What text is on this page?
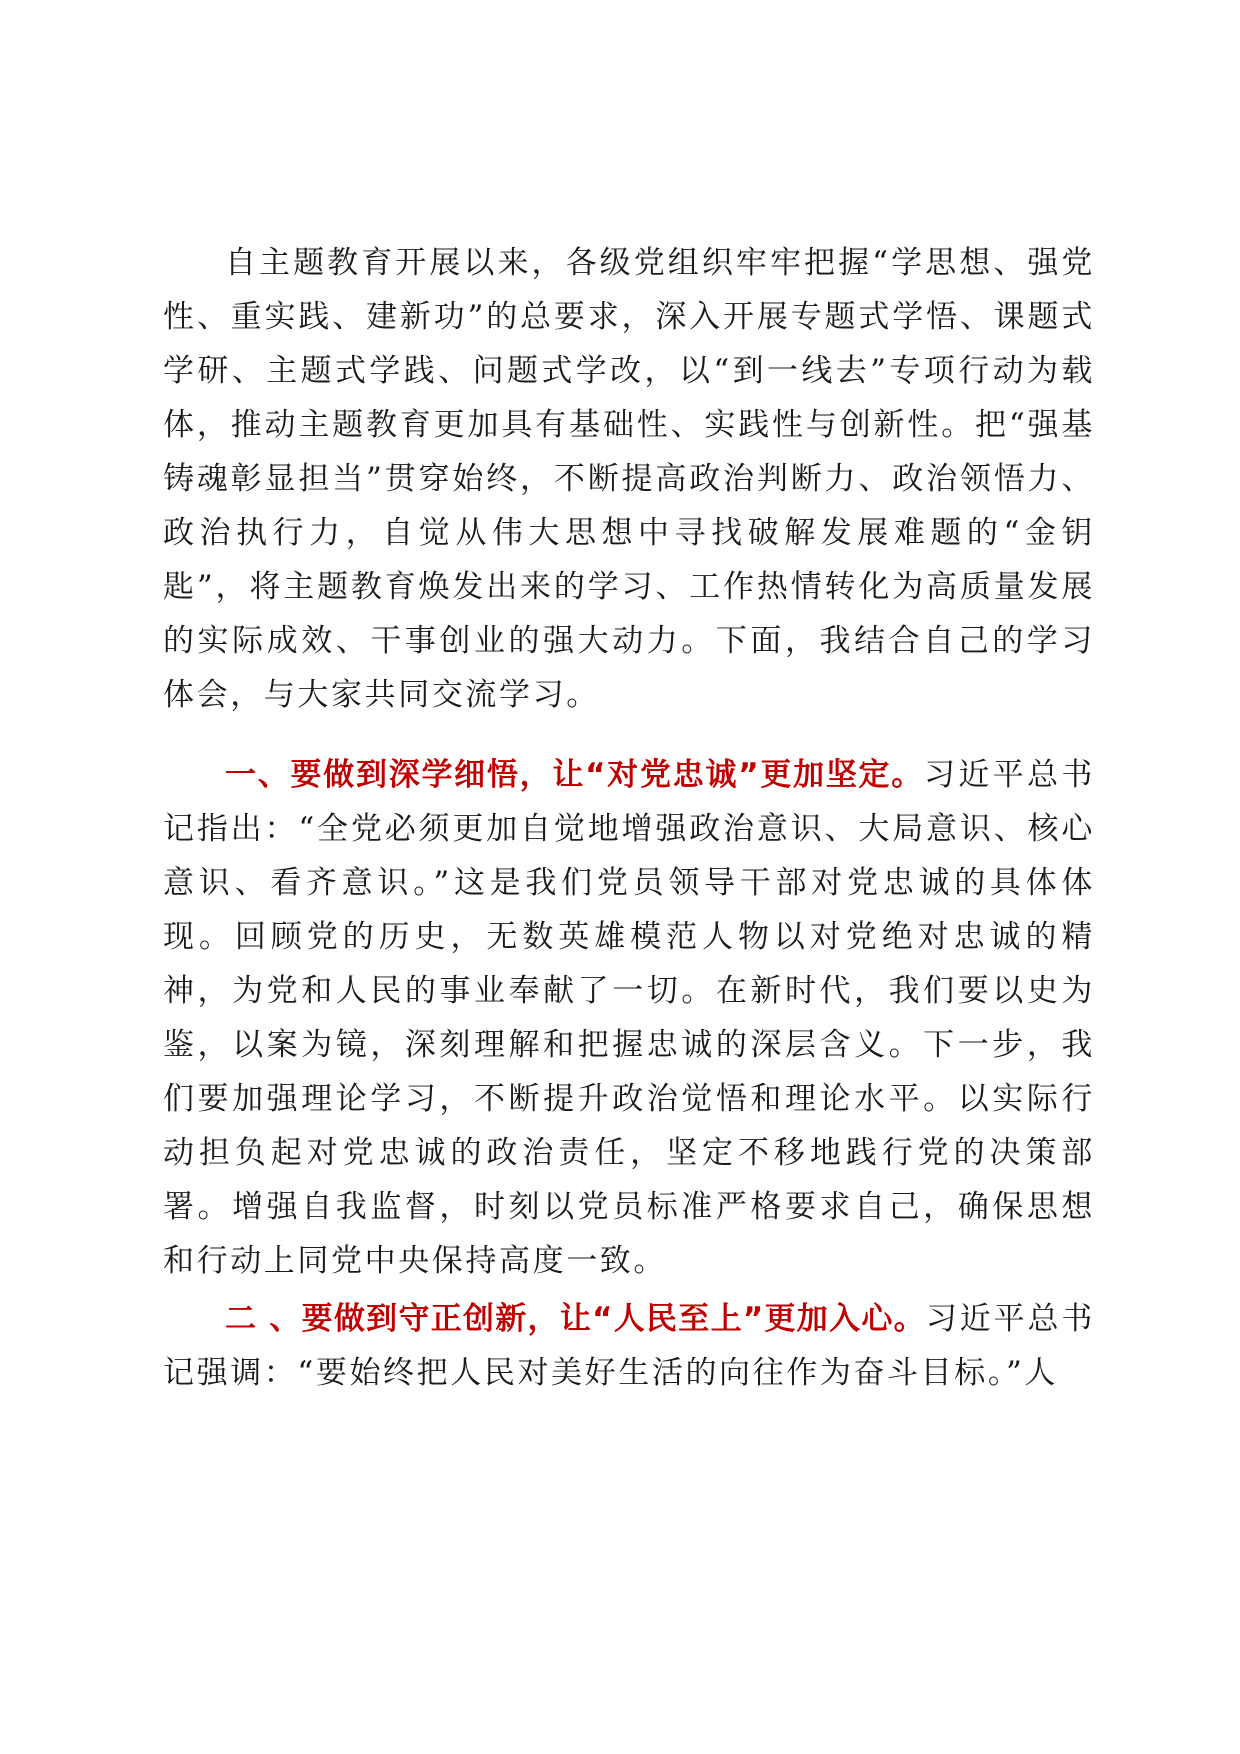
自主题教育开展以来，各级党组织牢牢把握“学思想、强党性、重实践、建新功”的总要求，深入开展专题式学悟、课题式学研、主题式学践、问题式学改，以“到一线去”专项行动为载体，推动主题教育更加具有基础性、实践性与创新性。把“强基铸魂彰显担当”贯穿始终，不断提高政治判断力、政治领悟力、政治执行力，自觉从伟大思想中寻找破解发展难题的“金钥匙”，将主题教育焕发出来的学习、工作热情转化为高质量发展的实际成效、干事创业的强大动力。下面，我结合自己的学习体会，与大家共同交流学习。

一、要做到深学细悟，让“对党忠诚”更加坚定。习近平总书记指出：“全党必须更加自觉地增强政治意识、大局意识、核心意识、看齐意识。”这是我们党员领导干部对党忠诚的具体体现。回顾党的历史，无数英雄模范人物以对党绝对忠诚的精神，为党和人民的事业奉献了一切。在新时代，我们要以史为鉴，以案为镜，深刻理解和把握忠诚的深层含义。下一步，我们要加强理论学习，不断提升政治觉悟和理论水平。以实际行动担负起对党忠诚的政治责任，坚定不移地践行党的决策部署。增强自我监督，时刻以党员标准严格要求自己，确保思想和行动上同党中央保持高度一致。

二 、要做到守正创新，让“人民至上”更加入心。习近平总书记强调：“要始终把人民对美好生活的向往作为奋斗目标。”人
